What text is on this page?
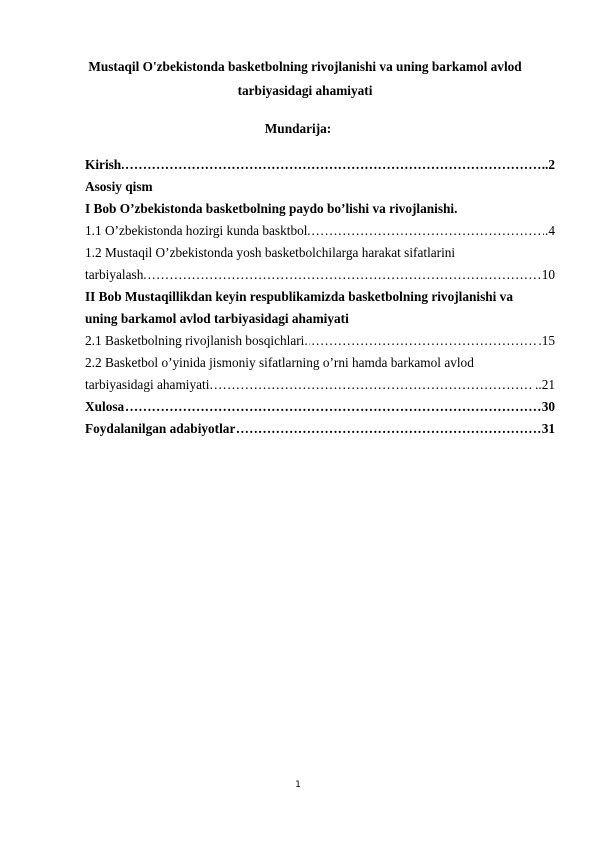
Mustaqil O'zbekistonda basketbolning rivojlanishi va uning barkamol avlod
tarbiyasidagi ahamiyati
Mundarija:
………………………………………………………………………………………………………………………………………………………………………… Kirish	..2
Asosiy qism
I Bob O’zbekistonda basketbolning paydo bo’lishi va rivojlanishi.
………………………………………………………………………………………………………………………………………………………………………… 1.1 O’zbekistonda hozirgi kunda basktbol	.4
1.2 Mustaqil O’zbekistonda yosh basketbolchilarga harakat sifatlarini
………………………………………………………………………………………………………………………………………………………………………… tarbiyalash	10
II Bob Mustaqillikdan keyin respublikamizda basketbolning rivojlanishi va
uning barkamol avlod tarbiyasidagi ahamiyati
………………………………………………………………………………………………………………………………………………………………………… 2.1 Basketbolning rivojlanish bosqichlari.	.15
2.2 Basketbol o’yinida jismoniy sifatlarning o’rni hamda barkamol avlod
………………………………………………………………………………………………………………………………………………………………………… tarbiyasidagi ahamiyati	..21
………………………………………………………………………………………………………………………………………………………………………… Xulosa	30
………………………………………………………………………………………………………………………………………………………………………… Foydalanilgan adabiyotlar	31
1
